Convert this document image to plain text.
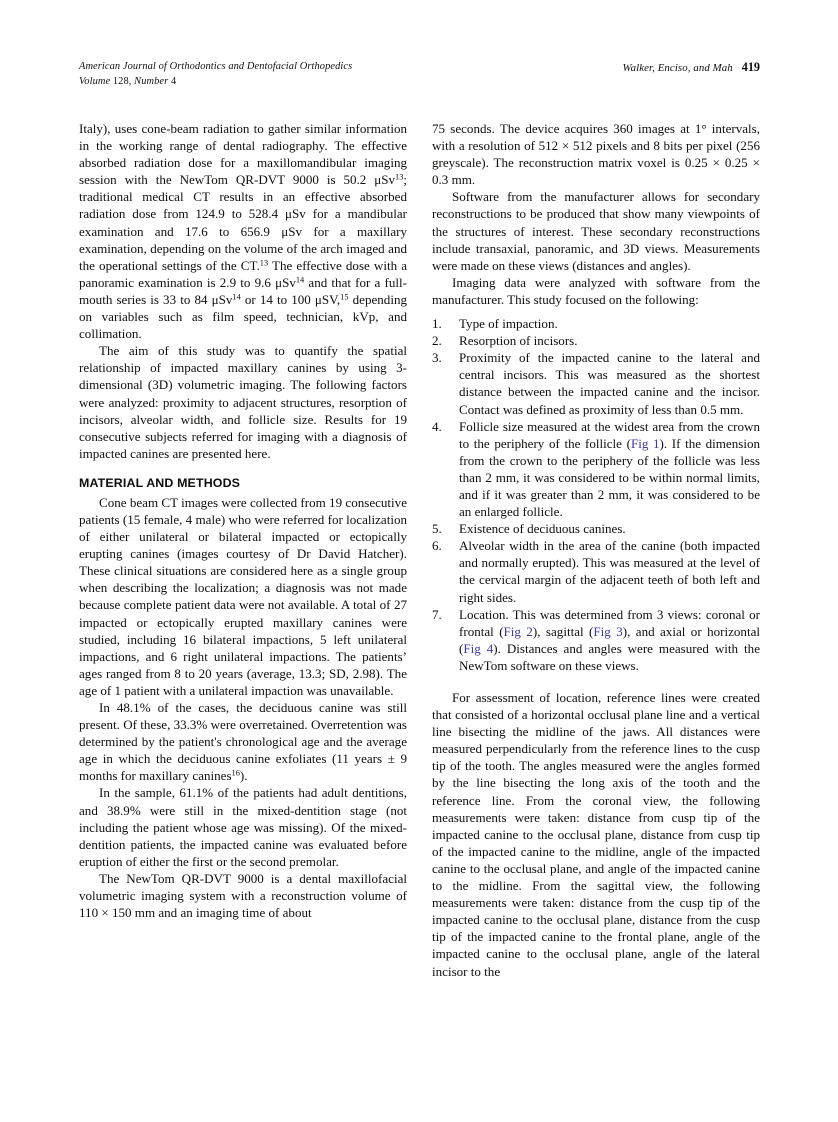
American Journal of Orthodontics and Dentofacial Orthopedics
Volume 128, Number 4
Walker, Enciso, and Mah 419

Italy), uses cone-beam radiation to gather similar information in the working range of dental radiography. The effective absorbed radiation dose for a maxillomandibular imaging session with the NewTom QR-DVT 9000 is 50.2 μSv$^{13}$; traditional medical CT results in an effective absorbed radiation dose from 124.9 to 528.4 μSv for a mandibular examination and 17.6 to 656.9 μSv for a maxillary examination, depending on the volume of the arch imaged and the operational settings of the CT.$^{13}$ The effective dose with a panoramic examination is 2.9 to 9.6 μSv$^{14}$ and that for a full-mouth series is 33 to 84 μSv$^{14}$ or 14 to 100 μSV,$^{15}$ depending on variables such as film speed, technician, kVp, and collimation.

The aim of this study was to quantify the spatial relationship of impacted maxillary canines by using 3-dimensional (3D) volumetric imaging. The following factors were analyzed: proximity to adjacent structures, resorption of incisors, alveolar width, and follicle size. Results for 19 consecutive subjects referred for imaging with a diagnosis of impacted canines are presented here.

MATERIAL AND METHODS

Cone beam CT images were collected from 19 consecutive patients (15 female, 4 male) who were referred for localization of either unilateral or bilateral impacted or ectopically erupting canines (images courtesy of Dr David Hatcher). These clinical situations are considered here as a single group when describing the localization; a diagnosis was not made because complete patient data were not available. A total of 27 impacted or ectopically erupted maxillary canines were studied, including 16 bilateral impactions, 5 left unilateral impactions, and 6 right unilateral impactions. The patients’ ages ranged from 8 to 20 years (average, 13.3; SD, 2.98). The age of 1 patient with a unilateral impaction was unavailable.

In 48.1% of the cases, the deciduous canine was still present. Of these, 33.3% were overretained. Overretention was determined by the patient's chronological age and the average age in which the deciduous canine exfoliates (11 years ± 9 months for maxillary canines$^{16}$).

In the sample, 61.1% of the patients had adult dentitions, and 38.9% were still in the mixed-dentition stage (not including the patient whose age was missing). Of the mixed-dentition patients, the impacted canine was evaluated before eruption of either the first or the second premolar.

The NewTom QR-DVT 9000 is a dental maxillofacial volumetric imaging system with a reconstruction volume of 110 × 150 mm and an imaging time of about

75 seconds. The device acquires 360 images at 1° intervals, with a resolution of 512 × 512 pixels and 8 bits per pixel (256 greyscale). The reconstruction matrix voxel is 0.25 × 0.25 × 0.3 mm.

Software from the manufacturer allows for secondary reconstructions to be produced that show many viewpoints of the structures of interest. These secondary reconstructions include transaxial, panoramic, and 3D views. Measurements were made on these views (distances and angles).

Imaging data were analyzed with software from the manufacturer. This study focused on the following:

1.	Type of impaction.
2.	Resorption of incisors.
3.	Proximity of the impacted canine to the lateral and central incisors. This was measured as the shortest distance between the impacted canine and the incisor. Contact was defined as proximity of less than 0.5 mm.
4.	Follicle size measured at the widest area from the crown to the periphery of the follicle (Fig 1). If the dimension from the crown to the periphery of the follicle was less than 2 mm, it was considered to be within normal limits, and if it was greater than 2 mm, it was considered to be an enlarged follicle.
5.	Existence of deciduous canines.
6.	Alveolar width in the area of the canine (both impacted and normally erupted). This was measured at the level of the cervical margin of the adjacent teeth of both left and right sides.
7.	Location. This was determined from 3 views: coronal or frontal (Fig 2), sagittal (Fig 3), and axial or horizontal (Fig 4). Distances and angles were measured with the NewTom software on these views.

For assessment of location, reference lines were created that consisted of a horizontal occlusal plane line and a vertical line bisecting the midline of the jaws. All distances were measured perpendicularly from the reference lines to the cusp tip of the tooth. The angles measured were the angles formed by the line bisecting the long axis of the tooth and the reference line. From the coronal view, the following measurements were taken: distance from cusp tip of the impacted canine to the occlusal plane, distance from cusp tip of the impacted canine to the midline, angle of the impacted canine to the occlusal plane, and angle of the impacted canine to the midline. From the sagittal view, the following measurements were taken: distance from the cusp tip of the impacted canine to the occlusal plane, distance from the cusp tip of the impacted canine to the frontal plane, angle of the impacted canine to the occlusal plane, angle of the lateral incisor to the
